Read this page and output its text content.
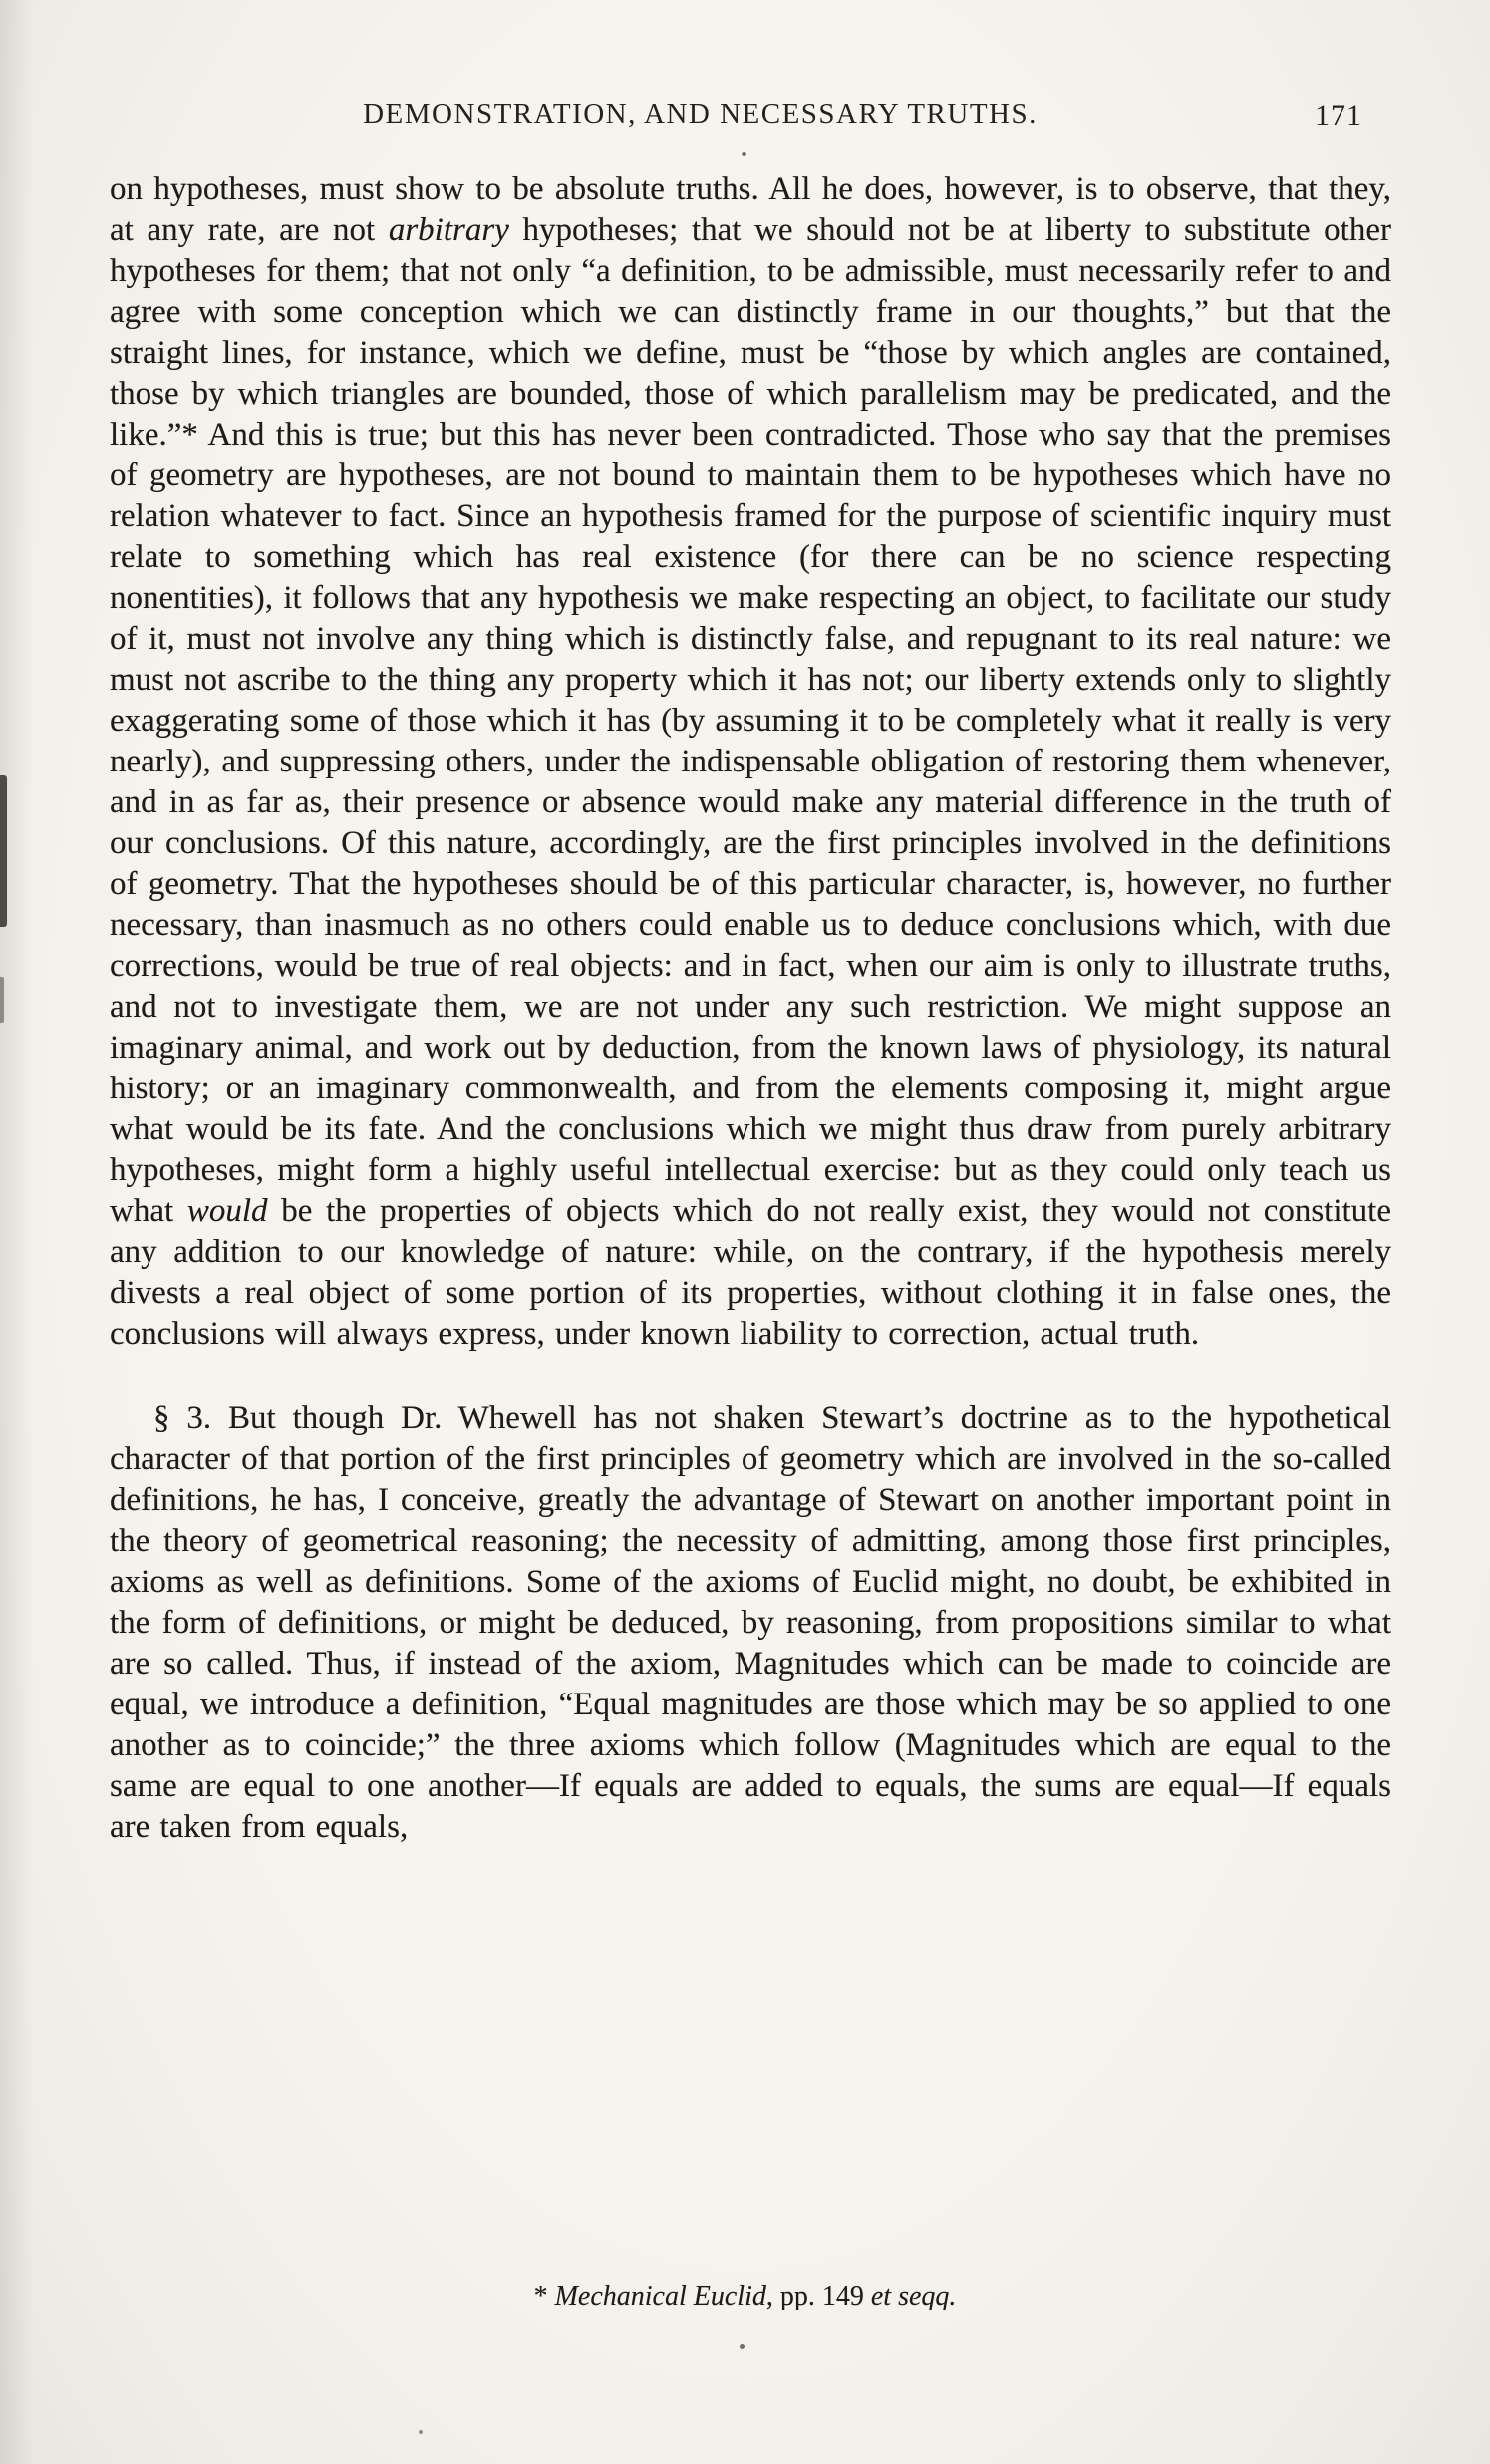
DEMONSTRATION, AND NECESSARY TRUTHS.	171

on hypotheses, must show to be absolute truths. All he does, however, is to observe, that they, at any rate, are not arbitrary hypotheses; that we should not be at liberty to substitute other hypotheses for them; that not only “a definition, to be admissible, must necessarily refer to and agree with some conception which we can distinctly frame in our thoughts,” but that the straight lines, for instance, which we define, must be “those by which angles are contained, those by which triangles are bounded, those of which parallelism may be predicated, and the like.”* And this is true; but this has never been contradicted. Those who say that the premises of geometry are hypotheses, are not bound to maintain them to be hypotheses which have no relation whatever to fact. Since an hypothesis framed for the purpose of scientific inquiry must relate to something which has real existence (for there can be no science respecting nonentities), it follows that any hypothesis we make respecting an object, to facilitate our study of it, must not involve any thing which is distinctly false, and repugnant to its real nature: we must not ascribe to the thing any property which it has not; our liberty extends only to slightly exaggerating some of those which it has (by assuming it to be completely what it really is very nearly), and suppressing others, under the indispensable obligation of restoring them whenever, and in as far as, their presence or absence would make any material difference in the truth of our conclusions. Of this nature, accordingly, are the first principles involved in the definitions of geometry. That the hypotheses should be of this particular character, is, however, no further necessary, than inasmuch as no others could enable us to deduce conclusions which, with due corrections, would be true of real objects: and in fact, when our aim is only to illustrate truths, and not to investigate them, we are not under any such restriction. We might suppose an imaginary animal, and work out by deduction, from the known laws of physiology, its natural history; or an imaginary commonwealth, and from the elements composing it, might argue what would be its fate. And the conclusions which we might thus draw from purely arbitrary hypotheses, might form a highly useful intellectual exercise: but as they could only teach us what would be the properties of objects which do not really exist, they would not constitute any addition to our knowledge of nature: while, on the contrary, if the hypothesis merely divests a real object of some portion of its properties, without clothing it in false ones, the conclusions will always express, under known liability to correction, actual truth.

§ 3. But though Dr. Whewell has not shaken Stewart’s doctrine as to the hypothetical character of that portion of the first principles of geometry which are involved in the so-called definitions, he has, I conceive, greatly the advantage of Stewart on another important point in the theory of geometrical reasoning; the necessity of admitting, among those first principles, axioms as well as definitions. Some of the axioms of Euclid might, no doubt, be exhibited in the form of definitions, or might be deduced, by reasoning, from propositions similar to what are so called. Thus, if instead of the axiom, Magnitudes which can be made to coincide are equal, we introduce a definition, “Equal magnitudes are those which may be so applied to one another as to coincide;” the three axioms which follow (Magnitudes which are equal to the same are equal to one another—If equals are added to equals, the sums are equal—If equals are taken from equals,

* Mechanical Euclid, pp. 149 et seqq.
